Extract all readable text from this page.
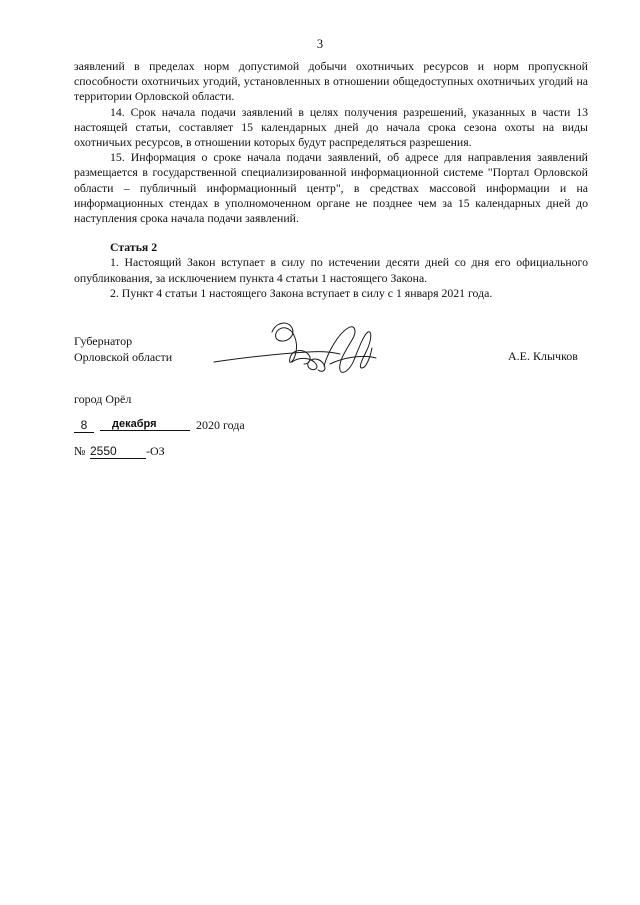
3

заявлений в пределах норм допустимой добычи охотничьих ресурсов и норм пропускной способности охотничьих угодий, установленных в отношении общедоступных охотничьих угодий на территории Орловской области.

14. Срок начала подачи заявлений в целях получения разрешений, указанных в части 13 настоящей статьи, составляет 15 календарных дней до начала срока сезона охоты на виды охотничьих ресурсов, в отношении которых будут распределяться разрешения.

15. Информация о сроке начала подачи заявлений, об адресе для направления заявлений размещается в государственной специализированной информационной системе "Портал Орловской области – публичный информационный центр", в средствах массовой информации и на информационных стендах в уполномоченном органе не позднее чем за 15 календарных дней до наступления срока начала подачи заявлений.

Статья 2

1. Настоящий Закон вступает в силу по истечении десяти дней со дня его официального опубликования, за исключением пункта 4 статьи 1 настоящего Закона.

2. Пункт 4 статьи 1 настоящего Закона вступает в силу с 1 января 2021 года.

Губернатор
Орловской области	А.Е. Клычков
город Орёл
8	декабря	2020 года
№ 2550	-ОЗ
